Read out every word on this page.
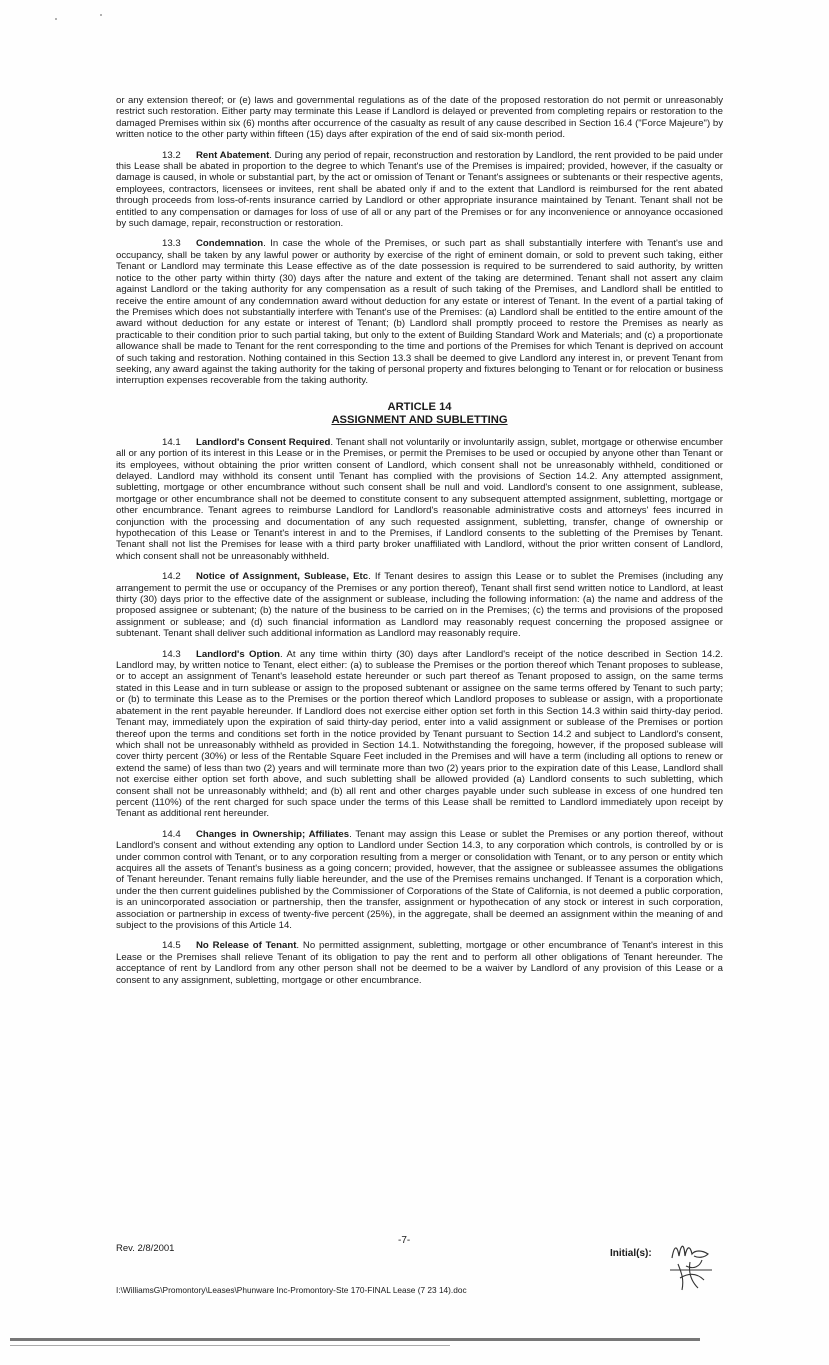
or any extension thereof; or (e) laws and governmental regulations as of the date of the proposed restoration do not permit or unreasonably restrict such restoration. Either party may terminate this Lease if Landlord is delayed or prevented from completing repairs or restoration to the damaged Premises within six (6) months after occurrence of the casualty as result of any cause described in Section 16.4 ("Force Majeure") by written notice to the other party within fifteen (15) days after expiration of the end of said six-month period.

13.2 Rent Abatement. During any period of repair, reconstruction and restoration by Landlord, the rent provided to be paid under this Lease shall be abated in proportion to the degree to which Tenant's use of the Premises is impaired; provided, however, if the casualty or damage is caused, in whole or substantial part, by the act or omission of Tenant or Tenant's assignees or subtenants or their respective agents, employees, contractors, licensees or invitees, rent shall be abated only if and to the extent that Landlord is reimbursed for the rent abated through proceeds from loss-of-rents insurance carried by Landlord or other appropriate insurance maintained by Tenant. Tenant shall not be entitled to any compensation or damages for loss of use of all or any part of the Premises or for any inconvenience or annoyance occasioned by such damage, repair, reconstruction or restoration.

13.3 Condemnation. In case the whole of the Premises, or such part as shall substantially interfere with Tenant's use and occupancy, shall be taken by any lawful power or authority by exercise of the right of eminent domain, or sold to prevent such taking, either Tenant or Landlord may terminate this Lease effective as of the date possession is required to be surrendered to said authority, by written notice to the other party within thirty (30) days after the nature and extent of the taking are determined. Tenant shall not assert any claim against Landlord or the taking authority for any compensation as a result of such taking of the Premises, and Landlord shall be entitled to receive the entire amount of any condemnation award without deduction for any estate or interest of Tenant. In the event of a partial taking of the Premises which does not substantially interfere with Tenant's use of the Premises: (a) Landlord shall be entitled to the entire amount of the award without deduction for any estate or interest of Tenant; (b) Landlord shall promptly proceed to restore the Premises as nearly as practicable to their condition prior to such partial taking, but only to the extent of Building Standard Work and Materials; and (c) a proportionate allowance shall be made to Tenant for the rent corresponding to the time and portions of the Premises for which Tenant is deprived on account of such taking and restoration. Nothing contained in this Section 13.3 shall be deemed to give Landlord any interest in, or prevent Tenant from seeking, any award against the taking authority for the taking of personal property and fixtures belonging to Tenant or for relocation or business interruption expenses recoverable from the taking authority.

ARTICLE 14
ASSIGNMENT AND SUBLETTING

14.1 Landlord's Consent Required. Tenant shall not voluntarily or involuntarily assign, sublet, mortgage or otherwise encumber all or any portion of its interest in this Lease or in the Premises, or permit the Premises to be used or occupied by anyone other than Tenant or its employees, without obtaining the prior written consent of Landlord, which consent shall not be unreasonably withheld, conditioned or delayed. Landlord may withhold its consent until Tenant has complied with the provisions of Section 14.2. Any attempted assignment, subletting, mortgage or other encumbrance without such consent shall be null and void. Landlord's consent to one assignment, sublease, mortgage or other encumbrance shall not be deemed to constitute consent to any subsequent attempted assignment, subletting, mortgage or other encumbrance. Tenant agrees to reimburse Landlord for Landlord's reasonable administrative costs and attorneys' fees incurred in conjunction with the processing and documentation of any such requested assignment, subletting, transfer, change of ownership or hypothecation of this Lease or Tenant's interest in and to the Premises, if Landlord consents to the subletting of the Premises by Tenant. Tenant shall not list the Premises for lease with a third party broker unaffiliated with Landlord, without the prior written consent of Landlord, which consent shall not be unreasonably withheld.

14.2 Notice of Assignment, Sublease, Etc. If Tenant desires to assign this Lease or to sublet the Premises (including any arrangement to permit the use or occupancy of the Premises or any portion thereof), Tenant shall first send written notice to Landlord, at least thirty (30) days prior to the effective date of the assignment or sublease, including the following information: (a) the name and address of the proposed assignee or subtenant; (b) the nature of the business to be carried on in the Premises; (c) the terms and provisions of the proposed assignment or sublease; and (d) such financial information as Landlord may reasonably request concerning the proposed assignee or subtenant. Tenant shall deliver such additional information as Landlord may reasonably require.

14.3 Landlord's Option. At any time within thirty (30) days after Landlord's receipt of the notice described in Section 14.2. Landlord may, by written notice to Tenant, elect either: (a) to sublease the Premises or the portion thereof which Tenant proposes to sublease, or to accept an assignment of Tenant's leasehold estate hereunder or such part thereof as Tenant proposed to assign, on the same terms stated in this Lease and in turn sublease or assign to the proposed subtenant or assignee on the same terms offered by Tenant to such party; or (b) to terminate this Lease as to the Premises or the portion thereof which Landlord proposes to sublease or assign, with a proportionate abatement in the rent payable hereunder. If Landlord does not exercise either option set forth in this Section 14.3 within said thirty-day period. Tenant may, immediately upon the expiration of said thirty-day period, enter into a valid assignment or sublease of the Premises or portion thereof upon the terms and conditions set forth in the notice provided by Tenant pursuant to Section 14.2 and subject to Landlord's consent, which shall not be unreasonably withheld as provided in Section 14.1. Notwithstanding the foregoing, however, if the proposed sublease will cover thirty percent (30%) or less of the Rentable Square Feet included in the Premises and will have a term (including all options to renew or extend the same) of less than two (2) years and will terminate more than two (2) years prior to the expiration date of this Lease, Landlord shall not exercise either option set forth above, and such subletting shall be allowed provided (a) Landlord consents to such subletting, which consent shall not be unreasonably withheld; and (b) all rent and other charges payable under such sublease in excess of one hundred ten percent (110%) of the rent charged for such space under the terms of this Lease shall be remitted to Landlord immediately upon receipt by Tenant as additional rent hereunder.

14.4 Changes in Ownership; Affiliates. Tenant may assign this Lease or sublet the Premises or any portion thereof, without Landlord's consent and without extending any option to Landlord under Section 14.3, to any corporation which controls, is controlled by or is under common control with Tenant, or to any corporation resulting from a merger or consolidation with Tenant, or to any person or entity which acquires all the assets of Tenant's business as a going concern; provided, however, that the assignee or subleassee assumes the obligations of Tenant hereunder. Tenant remains fully liable hereunder, and the use of the Premises remains unchanged. If Tenant is a corporation which, under the then current guidelines published by the Commissioner of Corporations of the State of California, is not deemed a public corporation, is an unincorporated association or partnership, then the transfer, assignment or hypothecation of any stock or interest in such corporation, association or partnership in excess of twenty-five percent (25%), in the aggregate, shall be deemed an assignment within the meaning of and subject to the provisions of this Article 14.

14.5 No Release of Tenant. No permitted assignment, subletting, mortgage or other encumbrance of Tenant's interest in this Lease or the Premises shall relieve Tenant of its obligation to pay the rent and to perform all other obligations of Tenant hereunder. The acceptance of rent by Landlord from any other person shall not be deemed to be a waiver by Landlord of any provision of this Lease or a consent to any assignment, subletting, mortgage or other encumbrance.

Rev. 2/8/2001
-7-
Initial(s):
I:\WilliamsG\Promontory\Leases\Phunware Inc-Promontory-Ste 170-FINAL Lease (7 23 14).doc
